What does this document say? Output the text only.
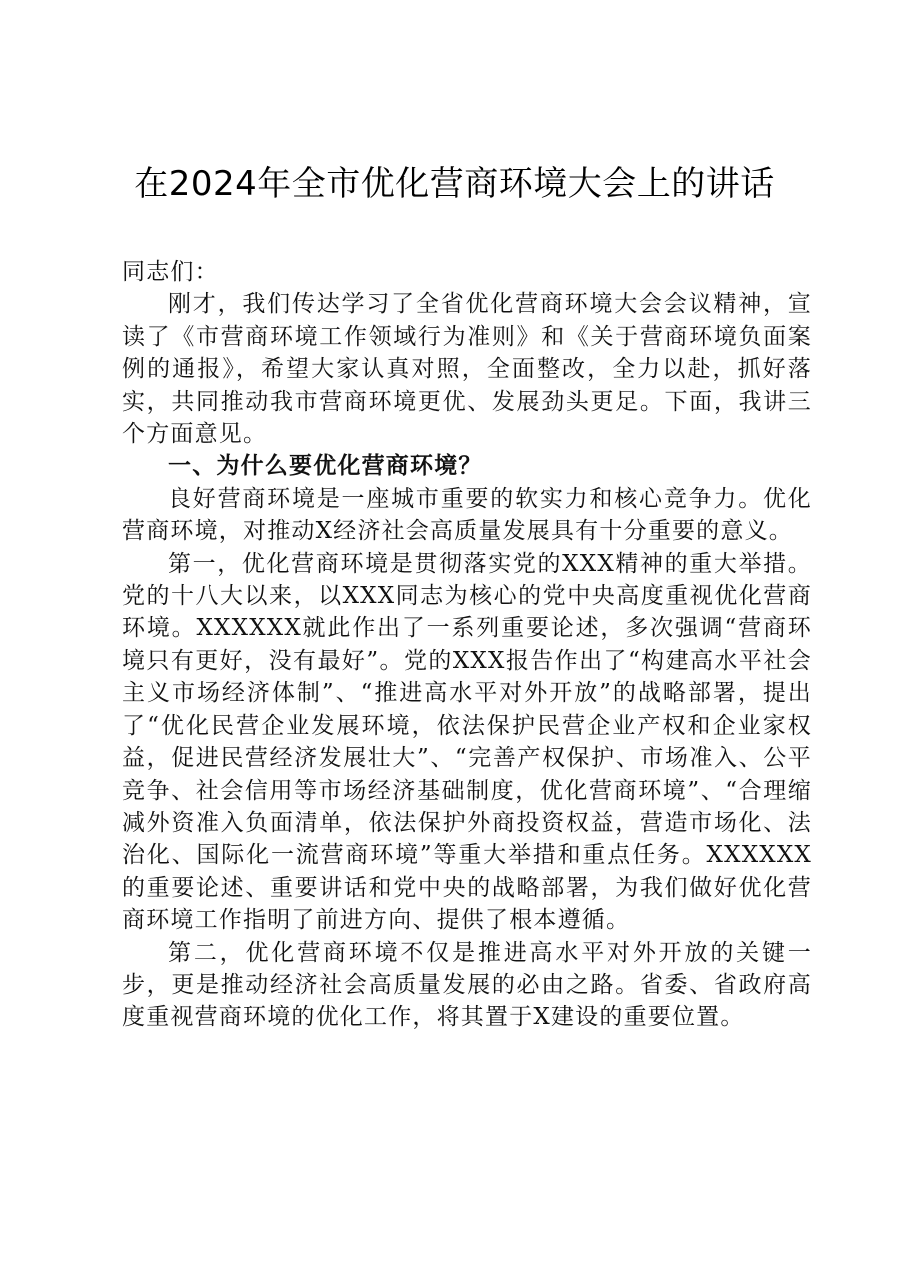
在2024年全市优化营商环境大会上的讲话

同志们：

刚才，我们传达学习了全省优化营商环境大会会议精神，宣读了《市营商环境工作领域行为准则》和《关于营商环境负面案例的通报》，希望大家认真对照，全面整改，全力以赴，抓好落实，共同推动我市营商环境更优、发展劲头更足。下面，我讲三个方面意见。

一、为什么要优化营商环境？

良好营商环境是一座城市重要的软实力和核心竞争力。优化营商环境，对推动X经济社会高质量发展具有十分重要的意义。

第一，优化营商环境是贯彻落实党的XXX精神的重大举措。党的十八大以来，以XXX同志为核心的党中央高度重视优化营商环境。XXXXXX就此作出了一系列重要论述，多次强调“营商环境只有更好，没有最好”。党的XXX报告作出了“构建高水平社会主义市场经济体制”、“推进高水平对外开放”的战略部署，提出了“优化民营企业发展环境，依法保护民营企业产权和企业家权益，促进民营经济发展壮大”、“完善产权保护、市场准入、公平竞争、社会信用等市场经济基础制度，优化营商环境”、“合理缩减外资准入负面清单，依法保护外商投资权益，营造市场化、法治化、国际化一流营商环境”等重大举措和重点任务。XXXXXX的重要论述、重要讲话和党中央的战略部署，为我们做好优化营商环境工作指明了前进方向、提供了根本遵循。

第二，优化营商环境不仅是推进高水平对外开放的关键一步，更是推动经济社会高质量发展的必由之路。省委、省政府高度重视营商环境的优化工作，将其置于X建设的重要位置。
